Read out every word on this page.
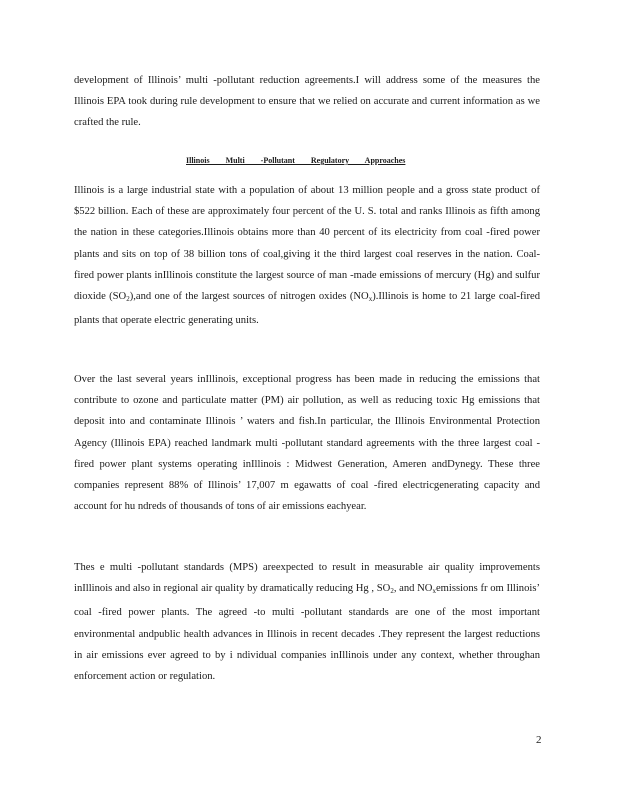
development of Illinois’ multi -pollutant reduction agreements.I will address some of the measures the Illinois EPA took during rule development to ensure that we relied on accurate and current information as we crafted the rule.

Illinois Multi -Pollutant Regulatory Approaches

Illinois is a large industrial state with a population of about 13 million people and a gross state product of $522 billion. Each of these are approximately four percent of the U. S. total and ranks Illinois as fifth among the nation in these categories.Illinois obtains more than 40 percent of its electricity from coal -fired power plants and sits on top of 38 billion tons of coal,giving it the third largest coal reserves in the nation. Coal- fired power plants inIllinois constitute the largest source of man -made emissions of mercury (Hg) and sulfur dioxide $(SO_2),and$ one of the largest sources of nitrogen oxides $(NO_x).Illinois$ is home to 21 large coal-fired plants that operate electric generating units.

Over the last several years inIllinois, exceptional progress has been made in reducing the emissions that contribute to ozone and particulate matter (PM) air pollution, as well as reducing toxic Hg emissions that deposit into and contaminate Illinois ’ waters and fish.In particular, the Illinois Environmental Protection Agency (Illinois EPA) reached landmark multi -pollutant standard agreements with the three largest coal - fired power plant systems operating inIllinois : Midwest Generation, Ameren andDynegy. These three companies represent 88% of Illinois’ 17,007 m egawatts of coal -fired electricgenerating capacity and account for hu ndreds of thousands of tons of air emissions eachyear.

Thes e multi -pollutant standards (MPS) areexpected to result in measurable air quality improvements inIllinois and also in regional air quality by dramatically reducing Hg , $SO_2$, and $NO_xemissions$ fr om Illinois’ coal -fired power plants. The agreed -to multi -pollutant standards are one of the most important environmental andpublic health advances in Illinois in recent decades .They represent the largest reductions in air emissions ever agreed to by i ndividual companies inIllinois under any context, whether throughan enforcement action or regulation.

2
